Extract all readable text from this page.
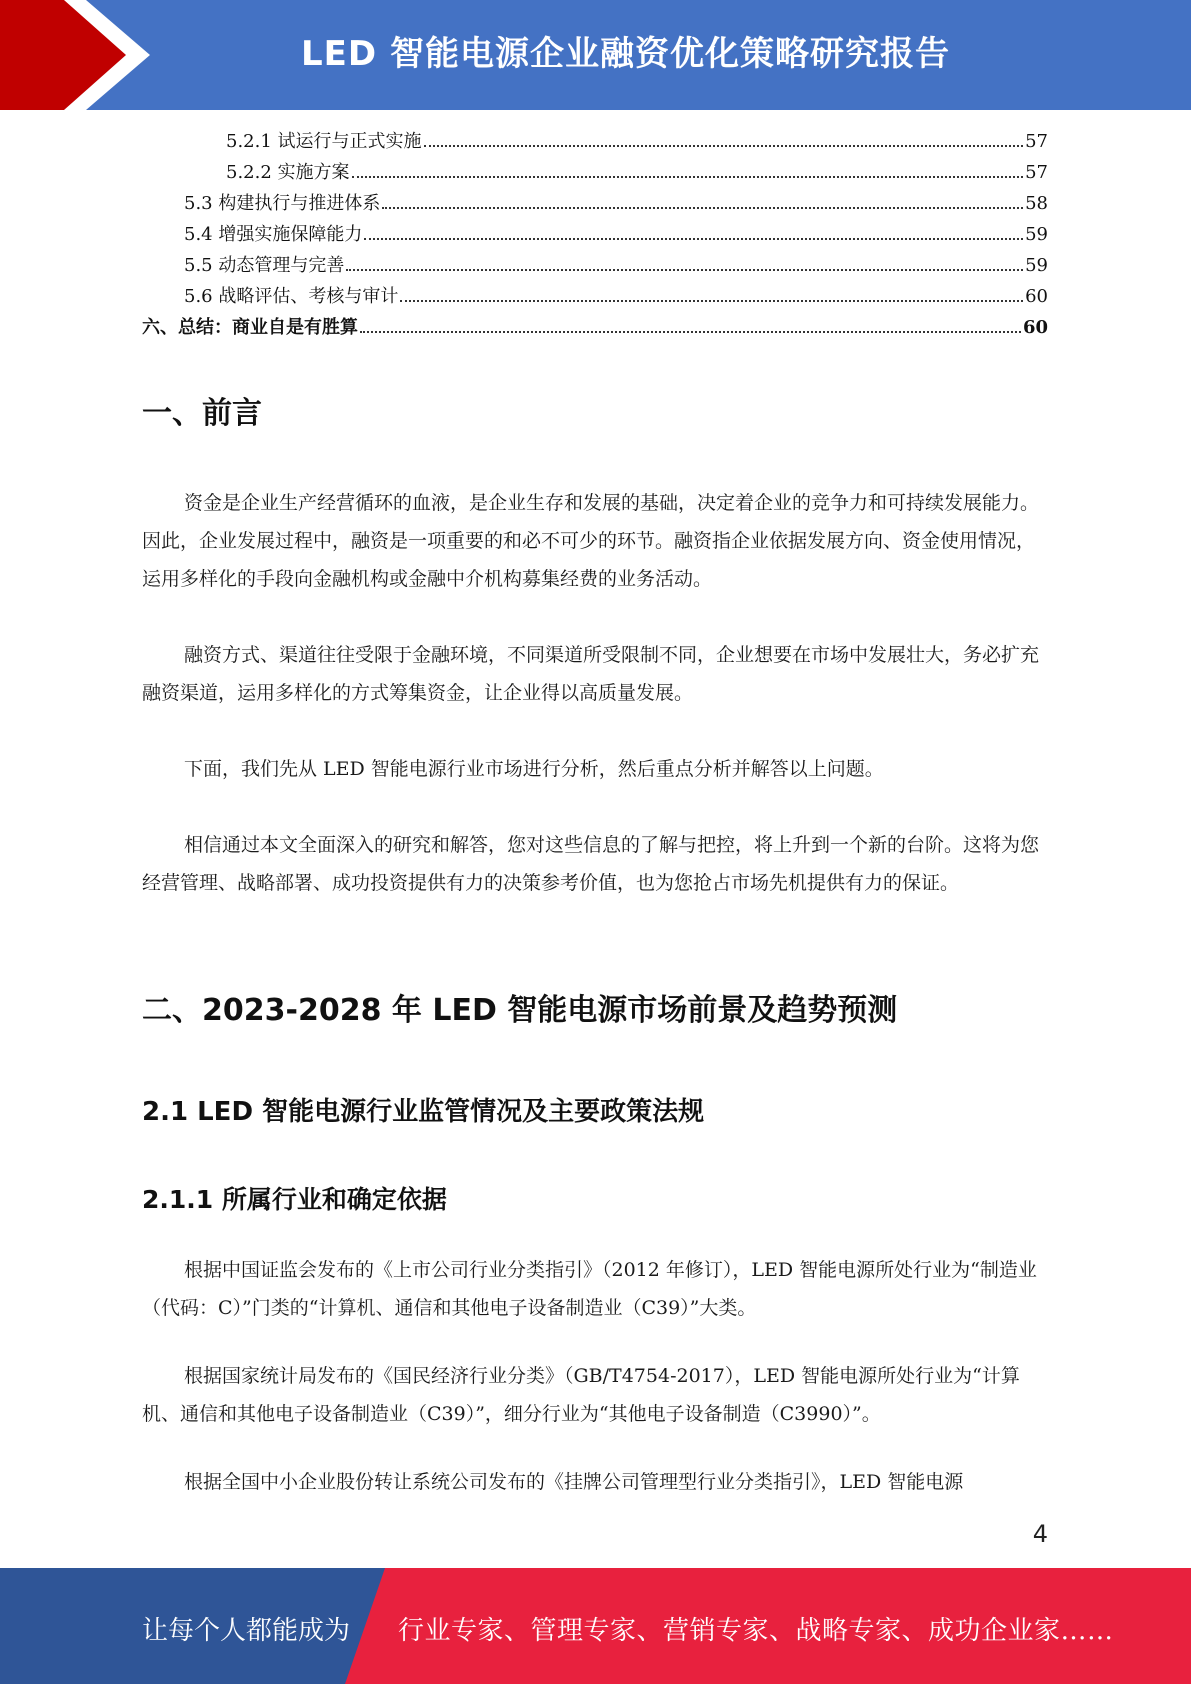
LED 智能电源企业融资优化策略研究报告
5.2.1 试运行与正式实施	57
5.2.2 实施方案	57
5.3 构建执行与推进体系	58
5.4 增强实施保障能力	59
5.5 动态管理与完善	59
5.6 战略评估、考核与审计	60
六、总结：商业自是有胜算	60
一、前言

资金是企业生产经营循环的血液，是企业生存和发展的基础，决定着企业的竞争力和可持续发展能力。因此，企业发展过程中，融资是一项重要的和必不可少的环节。融资指企业依据发展方向、资金使用情况，运用多样化的手段向金融机构或金融中介机构募集经费的业务活动。

融资方式、渠道往往受限于金融环境，不同渠道所受限制不同，企业想要在市场中发展壮大，务必扩充融资渠道，运用多样化的方式筹集资金，让企业得以高质量发展。

下面，我们先从 LED 智能电源行业市场进行分析，然后重点分析并解答以上问题。

相信通过本文全面深入的研究和解答，您对这些信息的了解与把控，将上升到一个新的台阶。这将为您经营管理、战略部署、成功投资提供有力的决策参考价值，也为您抢占市场先机提供有力的保证。

二、2023-2028 年 LED 智能电源市场前景及趋势预测
2.1 LED 智能电源行业监管情况及主要政策法规
2.1.1 所属行业和确定依据

根据中国证监会发布的《上市公司行业分类指引》（2012 年修订），LED 智能电源所处行业为“制造业（代码：C）”门类的“计算机、通信和其他电子设备制造业（C39）”大类。

根据国家统计局发布的《国民经济行业分类》（GB/T4754-2017），LED 智能电源所处行业为“计算机、通信和其他电子设备制造业（C39）”，细分行业为“其他电子设备制造（C3990）”。

根据全国中小企业股份转让系统公司发布的《挂牌公司管理型行业分类指引》，LED 智能电源

4
让每个人都能成为 行业专家、管理专家、营销专家、战略专家、成功企业家……
